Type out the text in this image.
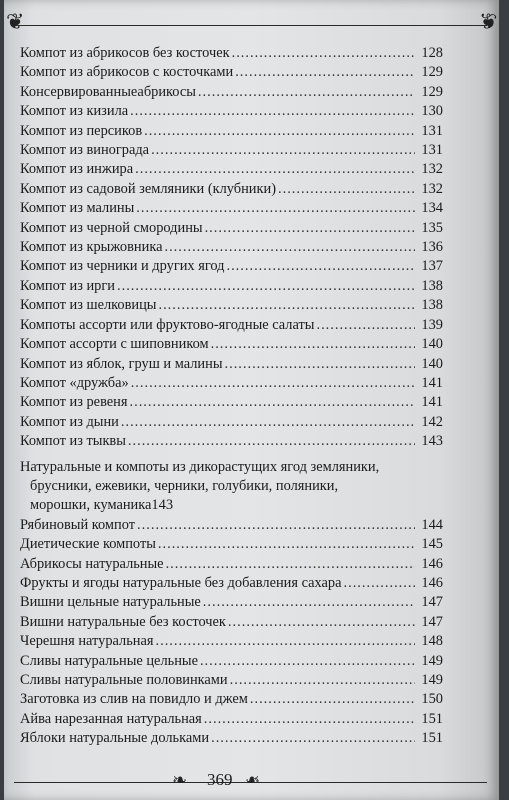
❦	❦
Компот из абрикосов без косточек .....	128
Компот из абрикосов с косточками .....	129
Консервированныеабрикосы .....	129
Компот из кизила .....	130
Компот из персиков .....	131
Компот из винограда .....	131
Компот из инжира .....	132
Компот из садовой земляники (клубники) .....	132
Компот из малины .....	134
Компот из черной смородины .....	135
Компот из крыжовника .....	136
Компот из черники и других ягод .....	137
Компот из ирги .....	138
Компот из шелковицы .....	138
Компоты ассорти или фруктово-ягодные салаты .....	139
Компот ассорти с шиповником .....	140
Компот из яблок, груш и малины .....	140
Компот «дружба» .....	141
Компот из ревеня .....	141
Компот из дыни .....	142
Компот из тыквы .....	143
Натуральные и компоты из дикорастущих ягод земляники,
брусники, ежевики, черники, голубики, поляники,
морошки, куманика 143
Рябиновый компот .....	144
Диетические компоты .....	145
Абрикосы натуральные .....	146
Фрукты и ягоды натуральные без добавления сахара .....	146
Вишни цельные натуральные .....	147
Вишни натуральные без косточек .....	147
Черешня натуральная .....	148
Сливы натуральные цельные .....	149
Сливы натуральные половинками .....	149
Заготовка из слив на повидло и джем .....	150
Айва нарезанная натуральная .....	151
Яблоки натуральные дольками .....	151
❧ 369 ❧
